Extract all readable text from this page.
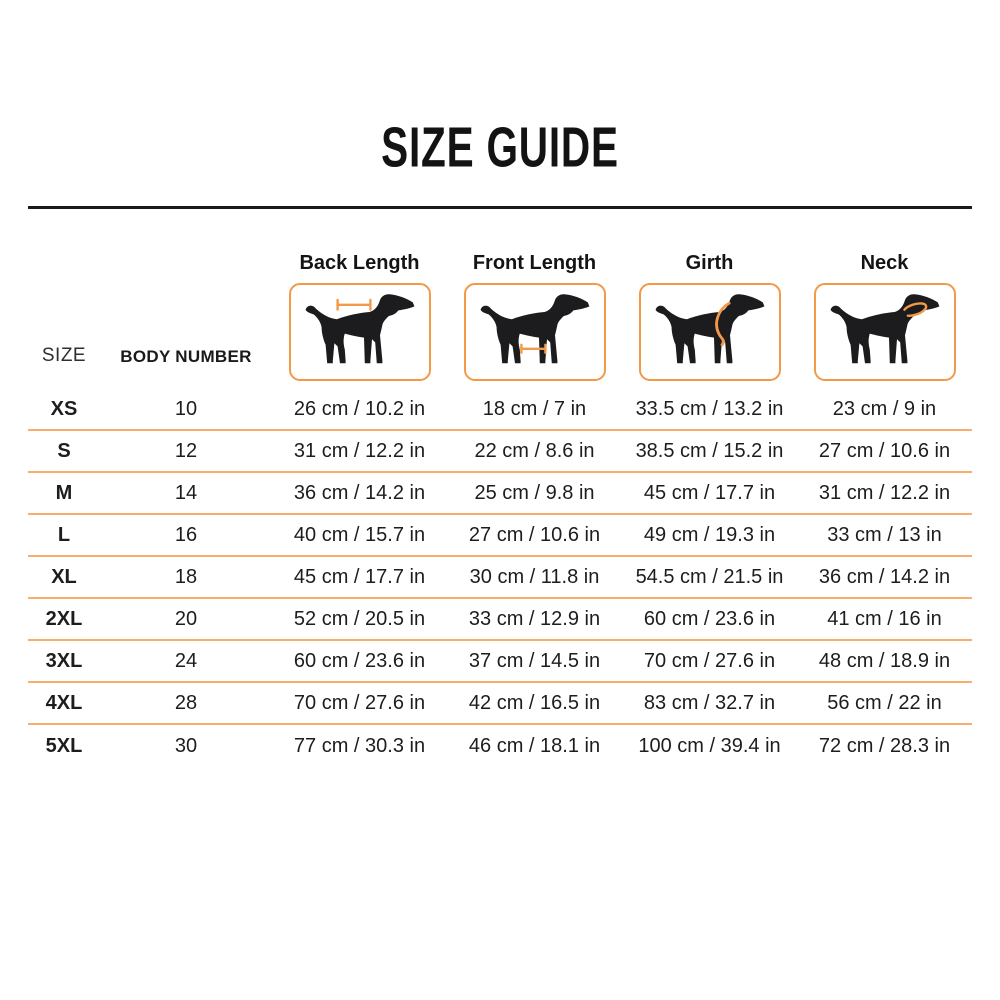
SIZE GUIDE
SIZE	BODY NUMBER
Back Length	Front Length	Girth	Neck
XS	10	26 cm / 10.2 in	18 cm / 7 in	33.5 cm / 13.2 in	23 cm / 9 in
S	12	31 cm / 12.2 in	22 cm / 8.6 in	38.5 cm / 15.2 in	27 cm / 10.6 in
M	14	36 cm / 14.2 in	25 cm / 9.8 in	45 cm / 17.7 in	31 cm / 12.2 in
L	16	40 cm / 15.7 in	27 cm / 10.6 in	49 cm / 19.3 in	33 cm / 13 in
XL	18	45 cm / 17.7 in	30 cm / 11.8 in	54.5 cm / 21.5 in	36 cm / 14.2 in
2XL	20	52 cm / 20.5 in	33 cm / 12.9 in	60 cm / 23.6 in	41 cm / 16 in
3XL	24	60 cm / 23.6 in	37 cm / 14.5 in	70 cm / 27.6 in	48 cm / 18.9 in
4XL	28	70 cm / 27.6 in	42 cm / 16.5 in	83 cm / 32.7 in	56 cm / 22 in
5XL	30	77 cm / 30.3 in	46 cm / 18.1 in	100 cm / 39.4 in	72 cm / 28.3 in
